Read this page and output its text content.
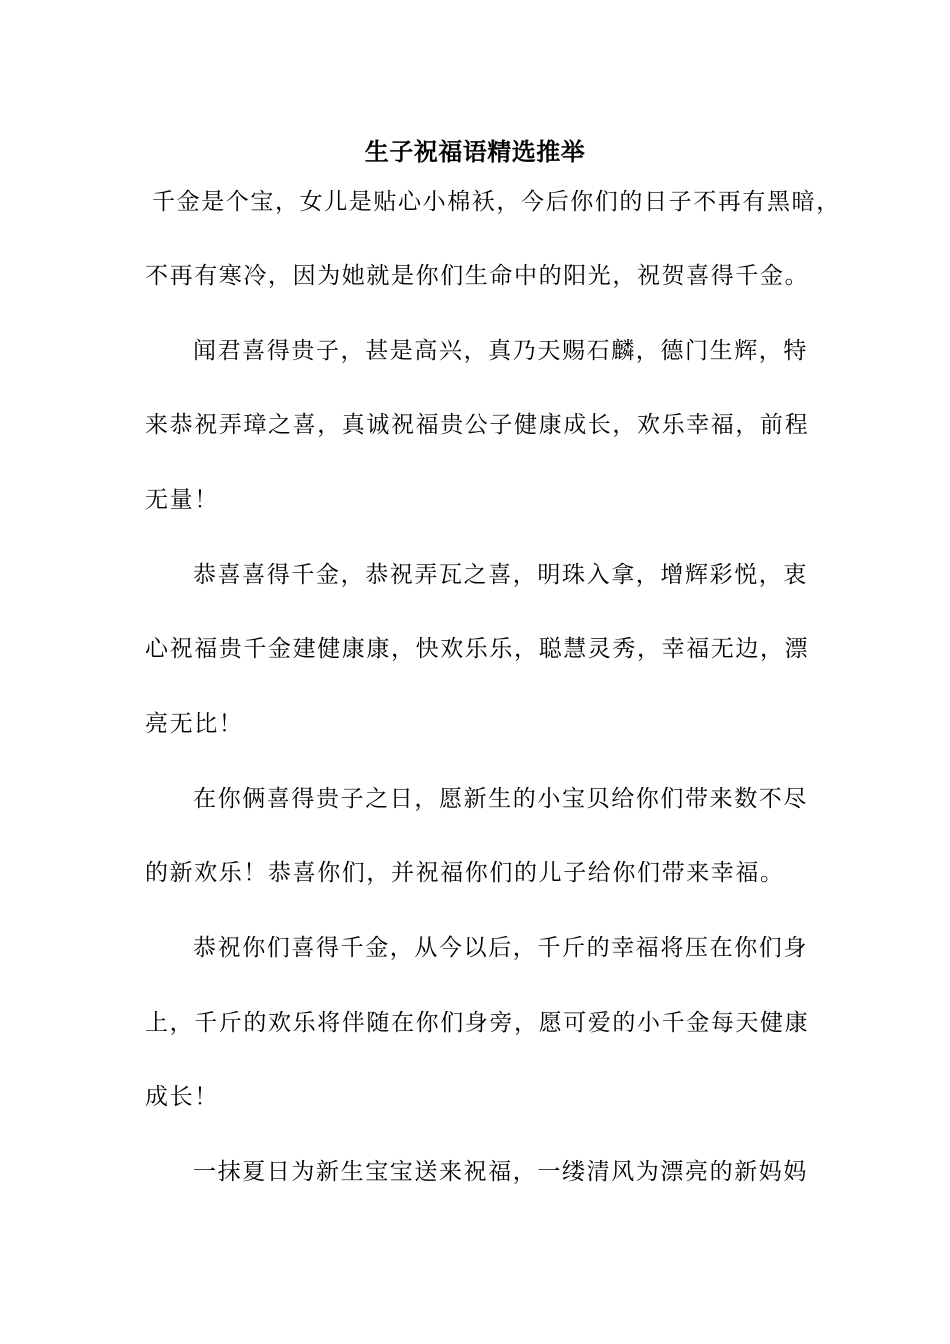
生子祝福语精选推举
千金是个宝，女儿是贴心小棉袄，今后你们的日子不再有黑暗，
不再有寒冷，因为她就是你们生命中的阳光，祝贺喜得千金。
闻君喜得贵子，甚是高兴，真乃天赐石麟，德门生辉，特
来恭祝弄璋之喜，真诚祝福贵公子健康成长，欢乐幸福，前程
无量！
恭喜喜得千金，恭祝弄瓦之喜，明珠入拿，增辉彩悦，衷
心祝福贵千金建健康康，快欢乐乐，聪慧灵秀，幸福无边，漂
亮无比！
在你俩喜得贵子之日，愿新生的小宝贝给你们带来数不尽
的新欢乐！恭喜你们，并祝福你们的儿子给你们带来幸福。
恭祝你们喜得千金，从今以后，千斤的幸福将压在你们身
上，千斤的欢乐将伴随在你们身旁，愿可爱的小千金每天健康
成长！
一抹夏日为新生宝宝送来祝福，一缕清风为漂亮的新妈妈
